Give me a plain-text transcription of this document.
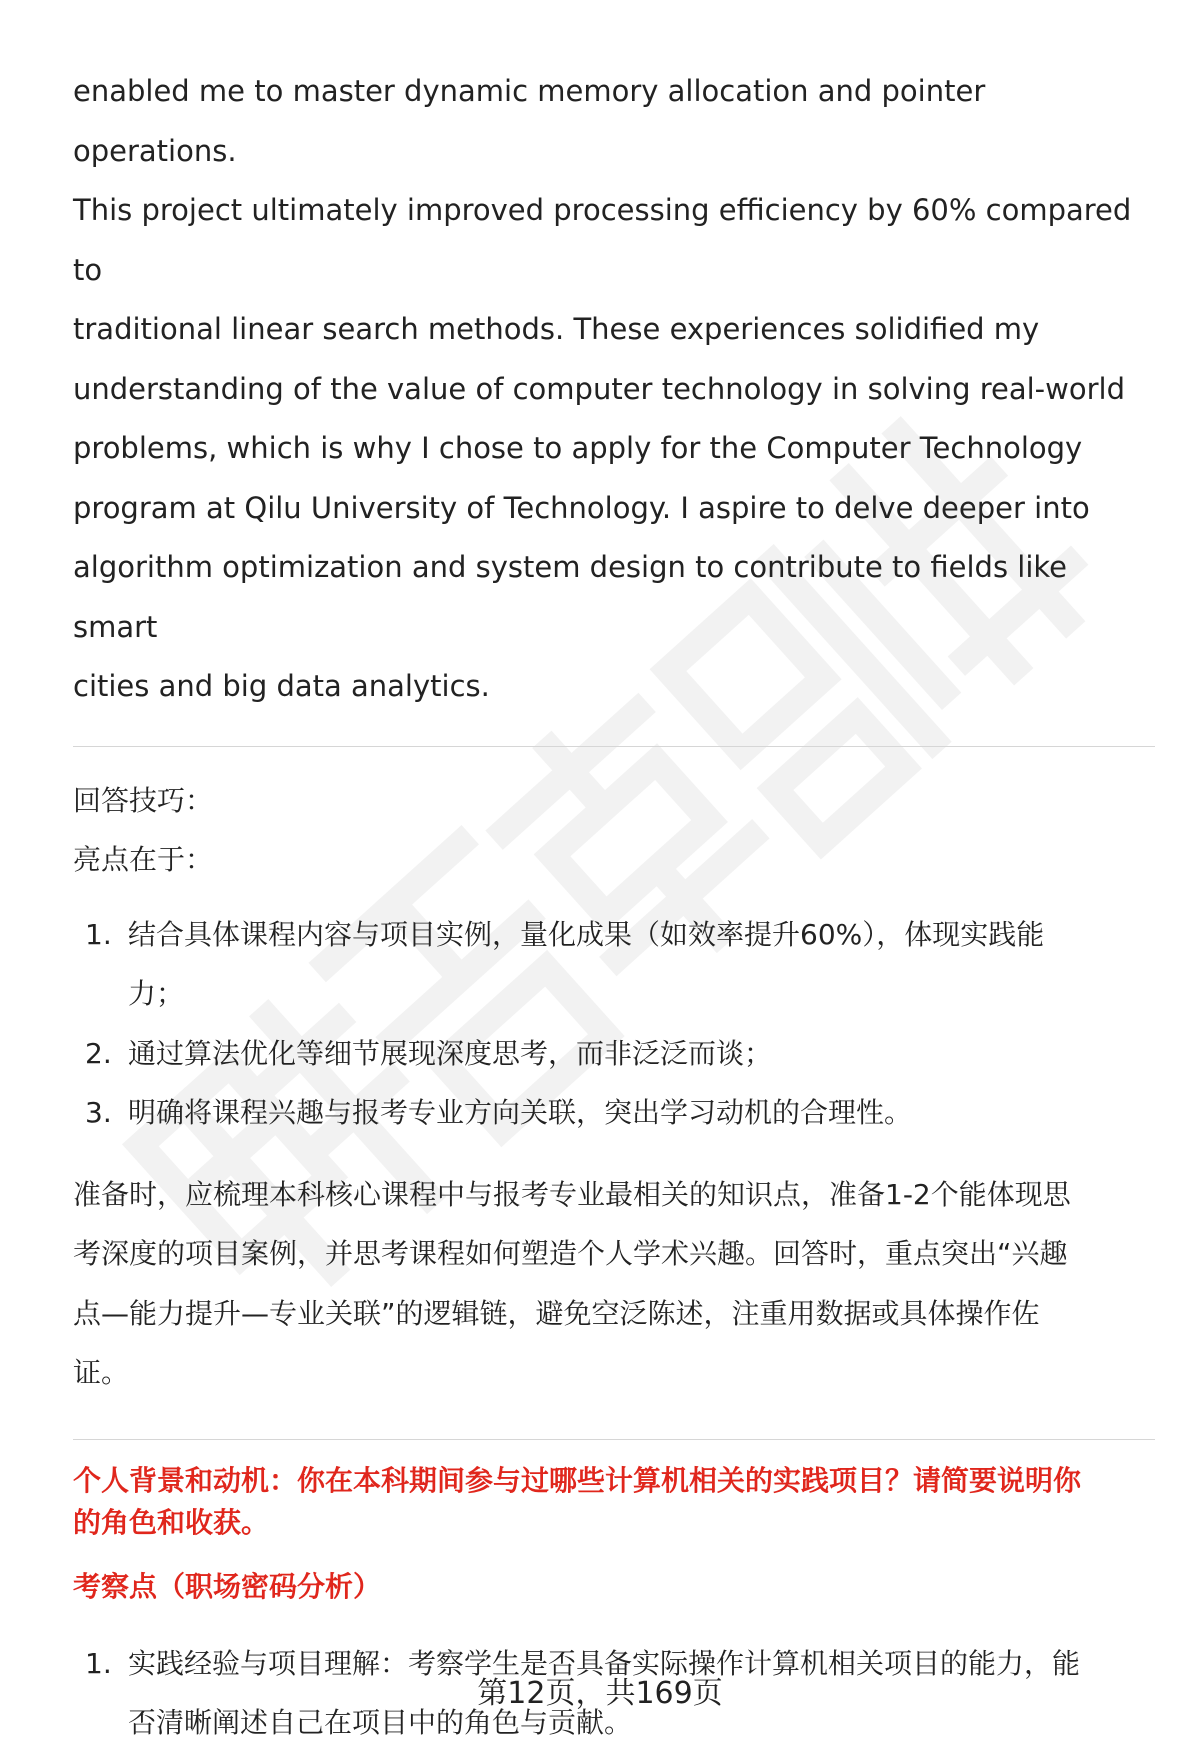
enabled me to master dynamic memory allocation and pointer operations.
This project ultimately improved processing efficiency by 60% compared to
traditional linear search methods. These experiences solidified my
understanding of the value of computer technology in solving real-world
problems, which is why I chose to apply for the Computer Technology
program at Qilu University of Technology. I aspire to delve deeper into
algorithm optimization and system design to contribute to fields like smart
cities and big data analytics.

回答技巧：

亮点在于：

1. 结合具体课程内容与项目实例，量化成果（如效率提升60%），体现实践能
力；
2. 通过算法优化等细节展现深度思考，而非泛泛而谈；
3. 明确将课程兴趣与报考专业方向关联，突出学习动机的合理性。
准备时，应梳理本科核心课程中与报考专业最相关的知识点，准备1-2个能体现思
考深度的项目案例，并思考课程如何塑造个人学术兴趣。回答时，重点突出“兴趣
点—能力提升—专业关联”的逻辑链，避免空泛陈述，注重用数据或具体操作佐
证。
个人背景和动机：你在本科期间参与过哪些计算机相关的实践项目？请简要说明你
的角色和收获。

考察点（职场密码分析）

1. 实践经验与项目理解：考察学生是否具备实际操作计算机相关项目的能力，能
否清晰阐述自己在项目中的角色与贡献。
第12页，共169页
